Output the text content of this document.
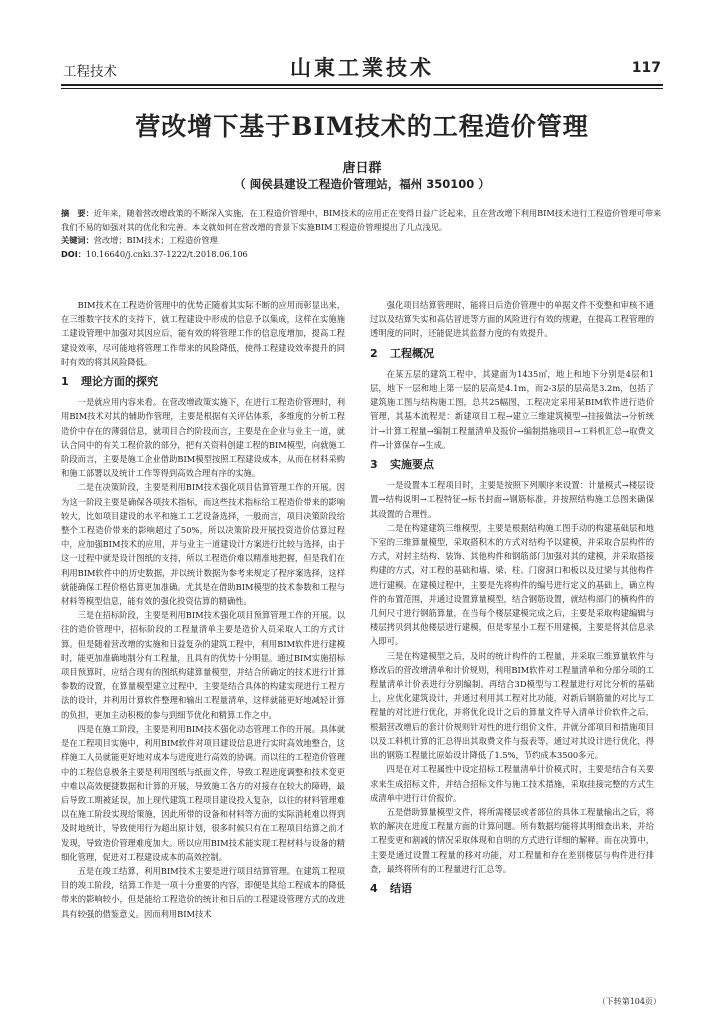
工程技术	山東工業技术	117
营改增下基于BIM技术的工程造价管理
唐日群
（ 闽侯县建设工程造价管理站，福州 350100 ）
摘　要：近年来，随着营改增政策的不断深入实施，在工程造价管理中，BIM技术的应用正在变得日益广泛起来，且在营改增下利用BIM技术进行工程造价管理可带来我们不易的如强对其的优化和完善。本文就如何在营改增的背景下实施BIM工程造价管理提出了几点浅见。
关键词：营改增；BIM技术；工程造价管理
DOI：10.16640/j.cnki.37-1222/t.2018.06.106

BIM技术在工程造价管理中的优势正随着其实际不断的应用而彰显出来，在三维数字技术的支持下，就工程建设中形成的信息予以集成，这样在实施施工建设管理中加强对其因应后，能有效的将管理工作的信息度增加，提高工程建设效率，尽可能地将管理工作带来的风险降低，使得工程建设效率提升的同时有效的将其风险降低。

1 理论方面的探究

一是就应用内容来看。在营改增政策实施下，在进行工程造价管理时，利用BIM技术对其的辅助作管理，主要是根据有关评估体系，多维度的分析工程造价中存在的薄弱信息，就项目合约阶段而言，主要是在企业与业主一道，就认合同中的有关工程价款的部分，把有关资料创建工程的BIM模型，向就施工阶段而言，主要是施工企业借助BIM模型按照工程建设成本，从而在材料采购和施工部署以及统计工作等得到高效合理有序的实施。

二是在决策阶段，主要是利用BIM技术强化项目估算管理工作的开展。因为这一阶段主要是确保各项技术指标，而这些技术指标给工程造价带来的影响较大，比如项目建设的水平和施工工艺设备选择，一般而言，项目决策阶段给整个工程造价带来的影响超过了50%，所以决策阶段开展投资造价估算过程中，应加强BIM技术的应用，并与业主一道建设计方案进行比较与选择，由于这一过程中就是设计图纸的支持，所以工程造价难以精准地把握，但是我们在利用BIM软件中的历史数据，并以统计数据为参考来规定了程序案选择，这样就能确保工程价格估算更加准确。尤其是在借助BIM模型的技术参数和工程与材料等模型信息，能有效的强化投资估算的精确性。

三是在招标阶段，主要是利用BIM技术强化项目预算管理工作的开展。以往的造价管理中，招标阶段的工程量清单主要是造价人员采取人工的方式计算。但是随着营改增的实施和日益复杂的建筑工程中，利用BIM软件进行建模时，能更加准确地制分有工程量，且具有的优势十分明显。通过BIM实施招标项目预算时，应结合现有的图纸构建算量模型，并结合所确定的技术进行计算参数的设置，在算量模型建立过程中，主要是结合具体的构建实现进行工程方法的设计，并利用计算软件整理和输出工程量清单，这样就能更好地减轻计算的负担，更加主动积极的参与到细节优化和精算工作之中。

四是在施工阶段，主要是利用BIM技术强化动态管理工作的开展。具体就是在工程项目实施中，利用BIM软件对项目建设信息进行实时高效地整合，这样施工人员就能更好地对成本与进度进行高效的协调。而以往的工程造价管理中的工程信息极条主要是利用图纸与纸面文件，导致工程进度调整和技术变更中难以高效便捷数据和计算的开展，导致施工各方的对接存在较大的障碍，最后导致工期被延误，加上现代建筑工程项目建设投入复杂，以往的材料管理难以在施工阶段实现给策施，因此所带的设备和材料等方面的实际消耗难以得到及时地统计，导致使用行为超出原计划，很多时候只有在工程项目结算之前才发现，导致造价管理难度加大。所以应用BIM技术能实现工程材料与设备的精细化管理，促进对工程建设成本的高效控制。

五是在竣工结算，利用BIM技术主要是进行项目结算管理。在建筑工程项目的竣工阶段，结算工作是一项十分重要的内容，即便是其给工程成本的降低带来的影响较小，但是能给工程造价的统计和日后的工程建设管理方式的改进具有较强的借鉴意义。因而利用BIM技术

强化项目结算管理时，能将日后造价管理中的单据文件不变整和审核不通过以及结算失实和高估冒进等方面的风险进行有效的规避，在提高工程管理的透明度的同时，还能促进其监督力度的有效提升。

2 工程概况

在某五层的建筑工程中，其建面为1435㎡，地上和地下分别是4层和1层，地下一层和地上第一层的层高是4.1m，而2-3层的层高是3.2m，包括了建筑施工图与结构施工图，总共25幅图，工程决定采用某BIM软件进行造价管理，其基本流程是：新建项目工程→建立三维建筑模型→挂接做法→分析统计→计算工程量→编制工程量清单及报价→编制措施项目→工料机汇总→取费文件→计算保存→生成。

3 实施要点

一是设置本工程项目时，主要是按照下列顺序来设置：计量模式→楼层设置→结构说明→工程特征→标书封面→钢筋标准，并按照结构施工总图来确保其设置的合理性。

二是在构建建筑三维模型，主要是根据结构施工图手动的构建基础层和地下室的三维算量模型，采取搭积木的方式对结构予以建模，并采取合层构件的方式，对封主结构、装饰、其他构件和钢筋部门加强对其的建模，并采取搭接构建的方式，对工程的基础和墙、梁、柱、门窗洞口和板以及过梁与其他构件进行建模。在建模过程中，主要是先将构件的编号进行定义的基础上，确立构件的布置范围，并通过设置算量模型，结合钢筋设置，就结构部门的横构件的几何尺寸进行钢筋算量，在当每个楼层建模完成之后，主要是采取构建编辑与楼层拷贝到其他楼层进行建模，但是零星小工程不用建模，主要是将其信息录入即可。

三是在构建模型之后，及时的统计构件的工程量，并采取三维算量软件与修改后的营改增清单和计价规则，利用BIM软件对工程量清单和分部分项的工程量清单计价表进行分别编制。再结合3D模型与工程量进行对比分析的基础上，应优化建筑设计，并通过利用其工程对比功能，对新后钢筋量的对比与工程量的对比进行优化，并将优化设计之后的算量文件导入清单计价软件之后，根据营改增后的套计价规则针对性的进行组价文件，并就分部项目和措施项目以及工料机计算的汇总得出其取费文件与报表等，通过对其设计进行优化，得出的钢筋工程量比原始设计降低了1.5%，节约成本3500多元。

四是在对工程属性中设定招标工程量清单计价模式时，主要是结合有关要求来生成招标文件，并结合招标文件与施工技术措施，采取挂接完整的方式生成清单中进行计价报价。

五是借助算量模型文件，将所需楼层或者部位的具体工程量输出之后，将软的解决在进度工程量方面的计算问题。所有数据均能将其明细查出来，并给工程变更和割减的情况采取体现和自明的方式进行详细的解释。而在决算中，主要是通过设置工程量的移对功能，对工程量和存在差别楼层与构件进行排查，最终将所有的工程量进行汇总等。

4 结语
（下转第104页）
